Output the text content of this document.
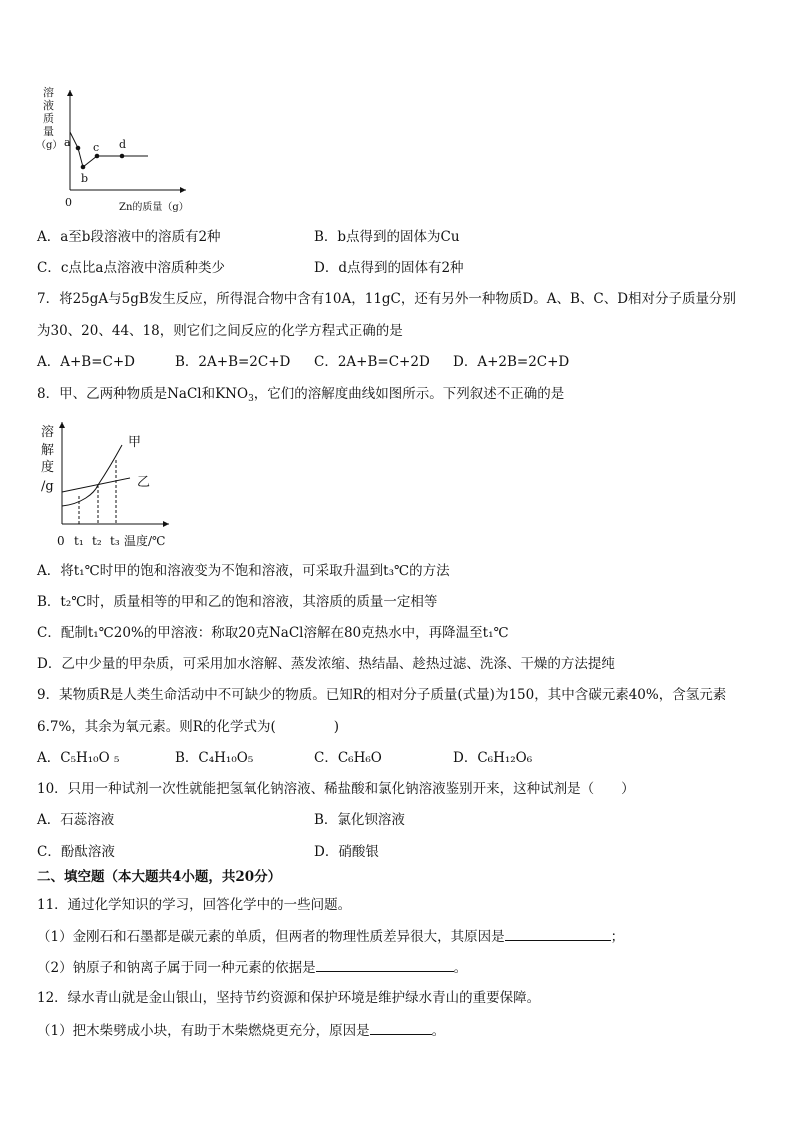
溶
液
质
量
（g） a
b
c d
0	Zn的质量（g）
A．a至b段溶液中的溶质有2种	B．b点得到的固体为Cu
C．c点比a点溶液中溶质种类少	D．d点得到的固体有2种
7．将25gA与5gB发生反应，所得混合物中含有10A，11gC，还有另外一种物质D。A、B、C、D相对分子质量分别
为30、20、44、18，则它们之间反应的化学方程式正确的是
A．A+B=C+D	B．2A+B=2C+D C．2A+B=C+2D D．A+2B=2C+D
8．甲、乙两种物质是NaCl和$KNO_3$，它们的溶解度曲线如图所示。下列叙述不正确的是
溶
解
度
/g
甲
乙
0 t₁ t₂ t₃ 温度/℃
A．将t₁℃时甲的饱和溶液变为不饱和溶液，可采取升温到t₃℃的方法
B．t₂℃时，质量相等的甲和乙的饱和溶液，其溶质的质量一定相等
C．配制t₁℃20%的甲溶液：称取20克NaCl溶解在80克热水中，再降温至t₁℃
D．乙中少量的甲杂质，可采用加水溶解、蒸发浓缩、热结晶、趁热过滤、洗涤、干燥的方法提纯
9．某物质R是人类生命活动中不可缺少的物质。已知R的相对分子质量(式量)为150，其中含碳元素40%，含氢元素
6.7%，其余为氧元素。则R的化学式为(	)
A．C₅H₁₀O ₅	B．C₄H₁₀O₅	C．C₆H₆O	D．C₆H₁₂O₆
10．只用一种试剂一次性就能把氢氧化钠溶液、稀盐酸和氯化钠溶液鉴别开来，这种试剂是（　　）
A．石蕊溶液	B．氯化钡溶液
C．酚酞溶液	D．硝酸银
二、填空题（本大题共4小题，共20分）
11．通过化学知识的学习，回答化学中的一些问题。
（1）金刚石和石墨都是碳元素的单质，但两者的物理性质差异很大，其原因是	；
（2）钠原子和钠离子属于同一种元素的依据是	。
12．绿水青山就是金山银山，坚持节约资源和保护环境是维护绿水青山的重要保障。
（1）把木柴劈成小块，有助于木柴燃烧更充分，原因是	。
